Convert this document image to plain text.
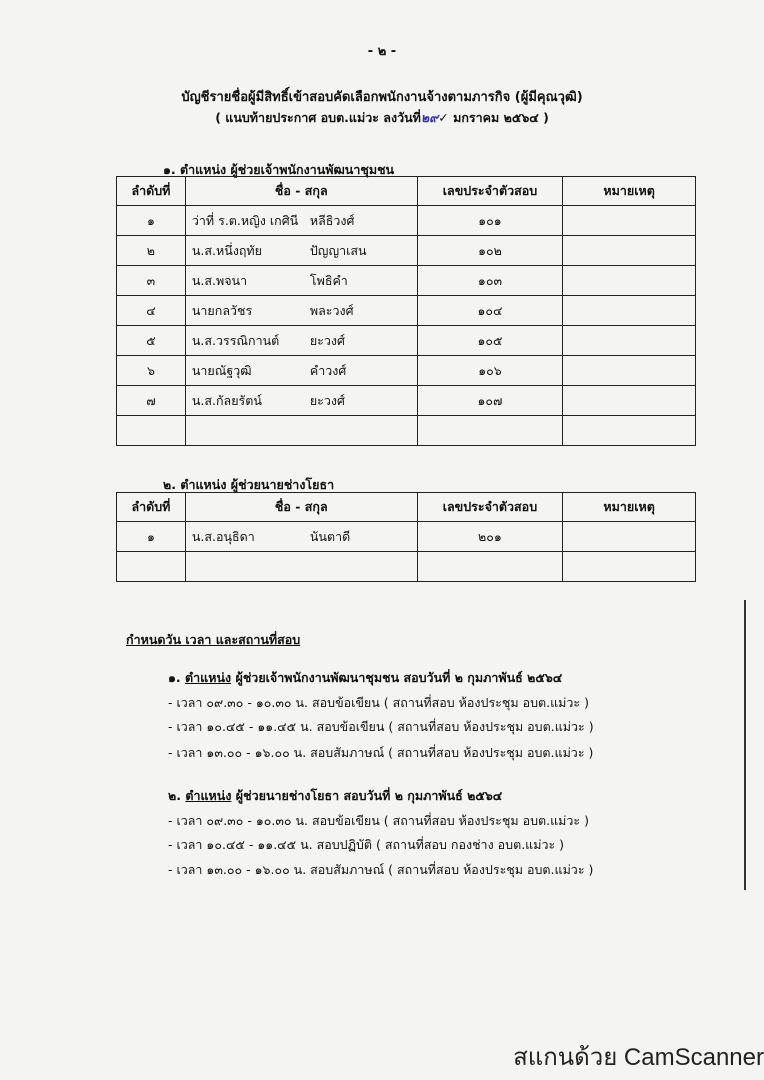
- ๒ -
บัญชีรายชื่อผู้มีสิทธิ์เข้าสอบคัดเลือกพนักงานจ้างตามภารกิจ (ผู้มีคุณวุฒิ)
( แนบท้ายประกาศ อบต.แม่วะ ลงวันที่๒๙✓ มกราคม ๒๕๖๔ )
๑. ตำแหน่ง ผู้ช่วยเจ้าพนักงานพัฒนาชุมชน
ลำดับที่	ชื่อ - สกุล	เลขประจำตัวสอบ	หมายเหตุ
๑	ว่าที่ ร.ต.หญิง เกศินี หลีธิวงศ์	๑๐๑	
๒	น.ส.หนึ่งฤทัย ปัญญาเสน	๑๐๒	
๓	น.ส.พจนา โพธิคำ	๑๐๓	
๔	นายกลวัชร พละวงศ์	๑๐๔	
๕	น.ส.วรรณิกานต์ ยะวงศ์	๑๐๕	
๖	นายณัฐวุฒิ คำวงศ์	๑๐๖	
๗	น.ส.กัลยรัตน์ ยะวงศ์	๑๐๗	

๒. ตำแหน่ง ผู้ช่วยนายช่างโยธา
ลำดับที่	ชื่อ - สกุล	เลขประจำตัวสอบ	หมายเหตุ
๑	น.ส.อนุธิดา นันตาดี	๒๐๑	

กำหนดวัน เวลา และสถานที่สอบ
๑. ตำแหน่ง ผู้ช่วยเจ้าพนักงานพัฒนาชุมชน สอบวันที่ ๒ กุมภาพันธ์ ๒๕๖๔
- เวลา ๐๙.๓๐ - ๑๐.๓๐ น. สอบข้อเขียน ( สถานที่สอบ ห้องประชุม อบต.แม่วะ )
- เวลา ๑๐.๔๕ - ๑๑.๔๕ น. สอบข้อเขียน ( สถานที่สอบ ห้องประชุม อบต.แม่วะ )
- เวลา ๑๓.๐๐ - ๑๖.๐๐ น. สอบสัมภาษณ์ ( สถานที่สอบ ห้องประชุม อบต.แม่วะ )
๒. ตำแหน่ง ผู้ช่วยนายช่างโยธา สอบวันที่ ๒ กุมภาพันธ์ ๒๕๖๔
- เวลา ๐๙.๓๐ - ๑๐.๓๐ น. สอบข้อเขียน ( สถานที่สอบ ห้องประชุม อบต.แม่วะ )
- เวลา ๑๐.๔๕ - ๑๑.๔๕ น. สอบปฏิบัติ ( สถานที่สอบ กองช่าง อบต.แม่วะ )
- เวลา ๑๓.๐๐ - ๑๖.๐๐ น. สอบสัมภาษณ์ ( สถานที่สอบ ห้องประชุม อบต.แม่วะ )
สแกนด้วย CamScanner
